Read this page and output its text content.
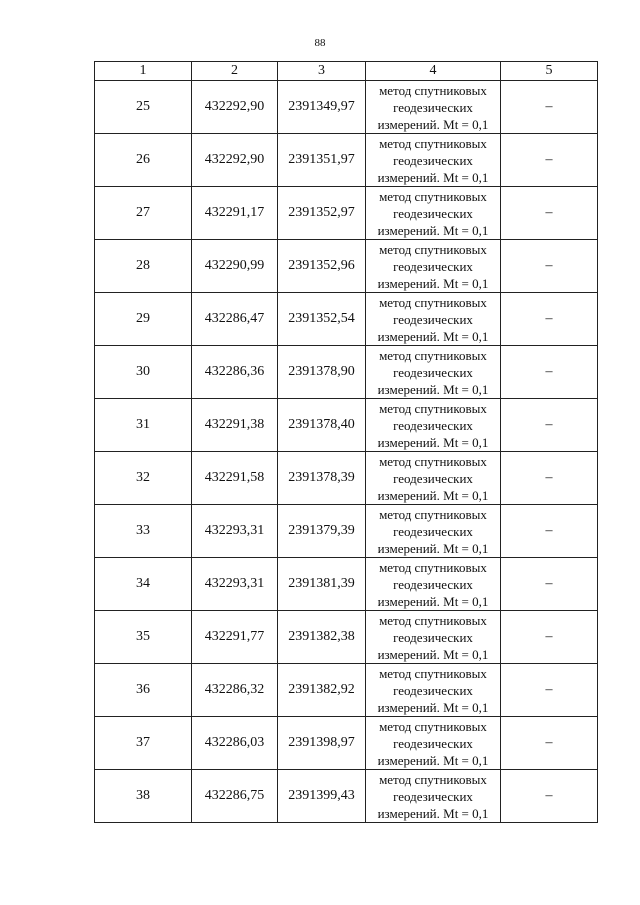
88
1	2	3	4	5
25	432292,90	2391349,97	метод спутниковых
геодезических
измерений. Mt = 0,1	–
26	432292,90	2391351,97	метод спутниковых
геодезических
измерений. Mt = 0,1	–
27	432291,17	2391352,97	метод спутниковых
геодезических
измерений. Mt = 0,1	–
28	432290,99	2391352,96	метод спутниковых
геодезических
измерений. Mt = 0,1	–
29	432286,47	2391352,54	метод спутниковых
геодезических
измерений. Mt = 0,1	–
30	432286,36	2391378,90	метод спутниковых
геодезических
измерений. Mt = 0,1	–
31	432291,38	2391378,40	метод спутниковых
геодезических
измерений. Mt = 0,1	–
32	432291,58	2391378,39	метод спутниковых
геодезических
измерений. Mt = 0,1	–
33	432293,31	2391379,39	метод спутниковых
геодезических
измерений. Mt = 0,1	–
34	432293,31	2391381,39	метод спутниковых
геодезических
измерений. Mt = 0,1	–
35	432291,77	2391382,38	метод спутниковых
геодезических
измерений. Mt = 0,1	–
36	432286,32	2391382,92	метод спутниковых
геодезических
измерений. Mt = 0,1	–
37	432286,03	2391398,97	метод спутниковых
геодезических
измерений. Mt = 0,1	–
38	432286,75	2391399,43	метод спутниковых
геодезических
измерений. Mt = 0,1	–
